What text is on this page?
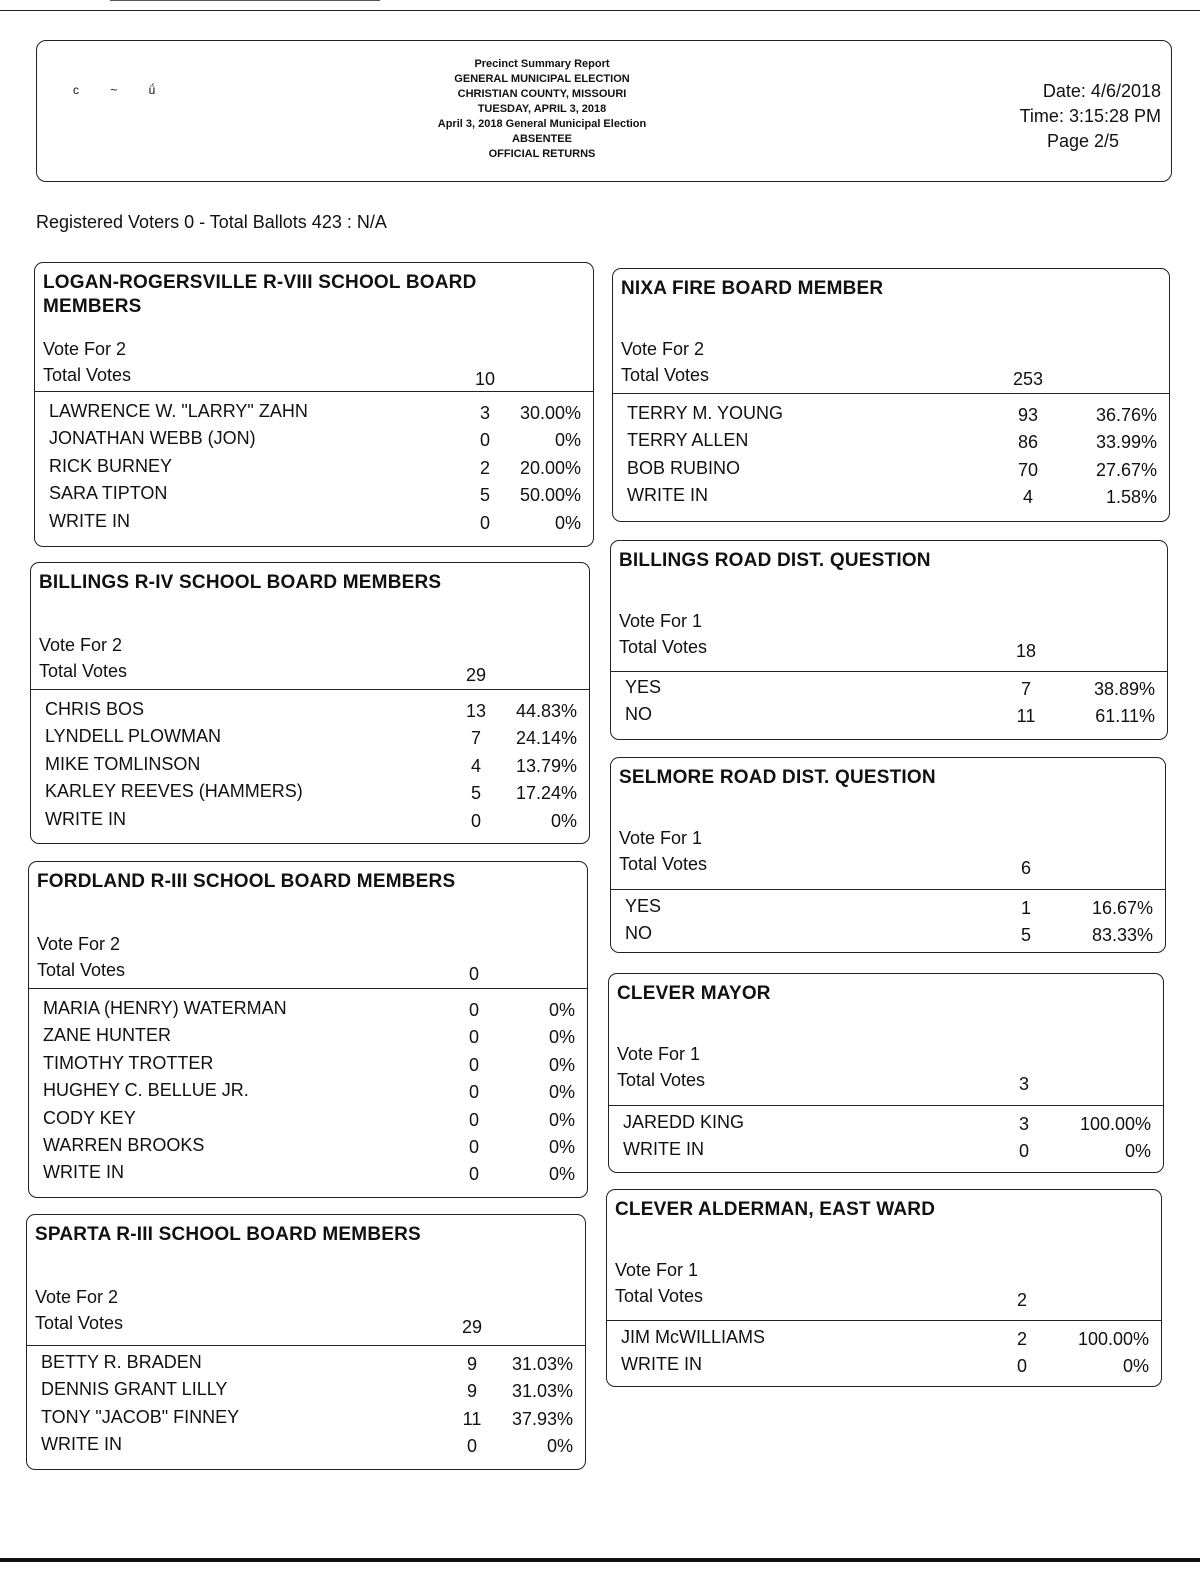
c ~ ǘ
Precinct Summary Report
GENERAL MUNICIPAL ELECTION
CHRISTIAN COUNTY, MISSOURI
TUESDAY, APRIL 3, 2018
April 3, 2018 General Municipal Election
ABSENTEE
OFFICIAL RETURNS
Date: 4/6/2018
Time: 3:15:28 PM
Page 2/5
Registered Voters 0 - Total Ballots 423 : N/A
LOGAN-ROGERSVILLE R-VIII SCHOOL BOARD MEMBERS
Vote For 2
Total Votes	10
LAWRENCE W. "LARRY" ZAHN	3	30.00%
JONATHAN WEBB (JON)	0	0%
RICK BURNEY	2	20.00%
SARA TIPTON	5	50.00%
WRITE IN	0	0%
BILLINGS R-IV SCHOOL BOARD MEMBERS
Vote For 2
Total Votes	29
CHRIS BOS	13	44.83%
LYNDELL PLOWMAN	7	24.14%
MIKE TOMLINSON	4	13.79%
KARLEY REEVES (HAMMERS)	5	17.24%
WRITE IN	0	0%
FORDLAND R-III SCHOOL BOARD MEMBERS
Vote For 2
Total Votes	0
MARIA (HENRY) WATERMAN	0	0%
ZANE HUNTER	0	0%
TIMOTHY TROTTER	0	0%
HUGHEY C. BELLUE JR.	0	0%
CODY KEY	0	0%
WARREN BROOKS	0	0%
WRITE IN	0	0%
SPARTA R-III SCHOOL BOARD MEMBERS
Vote For 2
Total Votes	29
BETTY R. BRADEN	9	31.03%
DENNIS GRANT LILLY	9	31.03%
TONY "JACOB" FINNEY	11	37.93%
WRITE IN	0	0%
NIXA FIRE BOARD MEMBER
Vote For 2
Total Votes	253
TERRY M. YOUNG	93	36.76%
TERRY ALLEN	86	33.99%
BOB RUBINO	70	27.67%
WRITE IN	4	1.58%
BILLINGS ROAD DIST. QUESTION
Vote For 1
Total Votes	18
YES	7	38.89%
NO	11	61.11%
SELMORE ROAD DIST. QUESTION
Vote For 1
Total Votes	6
YES	1	16.67%
NO	5	83.33%
CLEVER MAYOR
Vote For 1
Total Votes	3
JAREDD KING	3	100.00%
WRITE IN	0	0%
CLEVER ALDERMAN, EAST WARD
Vote For 1
Total Votes	2
JIM McWILLIAMS	2	100.00%
WRITE IN	0	0%
